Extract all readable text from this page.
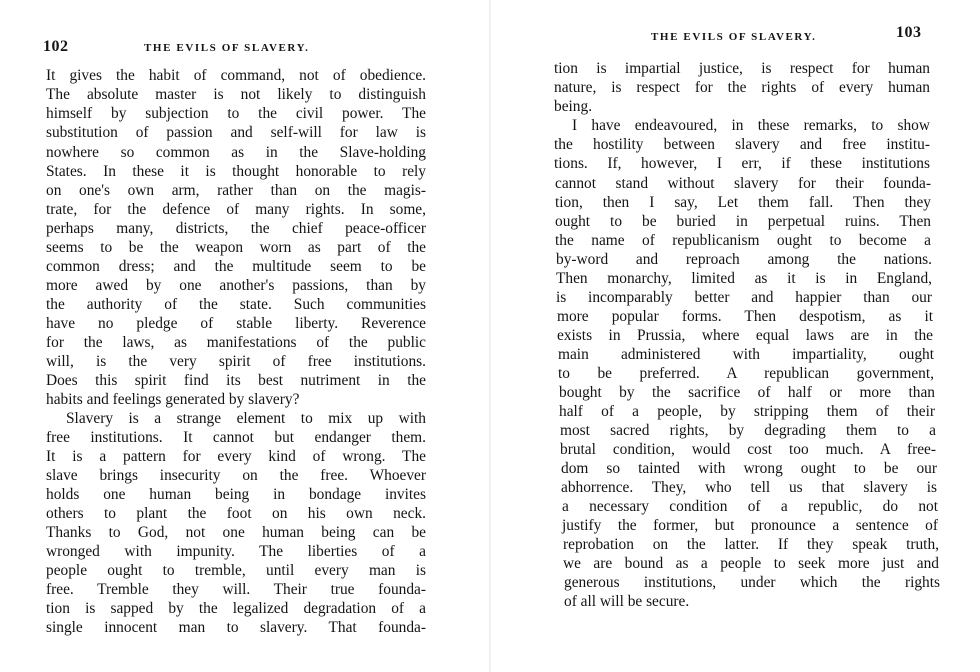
102	THE EVILS OF SLAVERY.
It gives the habit of command, not of obedience.
The absolute master is not likely to distinguish
himself by subjection to the civil power. The
substitution of passion and self-will for law is
nowhere so common as in the Slave-holding
States. In these it is thought honorable to rely
on one's own arm, rather than on the magis-
trate, for the defence of many rights. In some,
perhaps many, districts, the chief peace-officer
seems to be the weapon worn as part of the
common dress; and the multitude seem to be
more awed by one another's passions, than by
the authority of the state. Such communities
have no pledge of stable liberty. Reverence
for the laws, as manifestations of the public
will, is the very spirit of free institutions.
Does this spirit find its best nutriment in the
habits and feelings generated by slavery?
Slavery is a strange element to mix up with
free institutions. It cannot but endanger them.
It is a pattern for every kind of wrong. The
slave brings insecurity on the free. Whoever
holds one human being in bondage invites
others to plant the foot on his own neck.
Thanks to God, not one human being can be
wronged with impunity. The liberties of a
people ought to tremble, until every man is
free. Tremble they will. Their true founda-
tion is sapped by the legalized degradation of a
single innocent man to slavery. That founda-
103
THE EVILS OF SLAVERY.
tion is impartial justice, is respect for human
nature, is respect for the rights of every human
being.
I have endeavoured, in these remarks, to show
the hostility between slavery and free institu-
tions. If, however, I err, if these institutions
cannot stand without slavery for their founda-
tion, then I say, Let them fall. Then they
ought to be buried in perpetual ruins. Then
the name of republicanism ought to become a
by-word and reproach among the nations.
Then monarchy, limited as it is in England,
is incomparably better and happier than our
more popular forms. Then despotism, as it
exists in Prussia, where equal laws are in the
main administered with impartiality, ought
to be preferred. A republican government,
bought by the sacrifice of half or more than
half of a people, by stripping them of their
most sacred rights, by degrading them to a
brutal condition, would cost too much. A free-
dom so tainted with wrong ought to be our
abhorrence. They, who tell us that slavery is
a necessary condition of a republic, do not
justify the former, but pronounce a sentence of
reprobation on the latter. If they speak truth,
we are bound as a people to seek more just and
generous institutions, under which the rights
of all will be secure.
